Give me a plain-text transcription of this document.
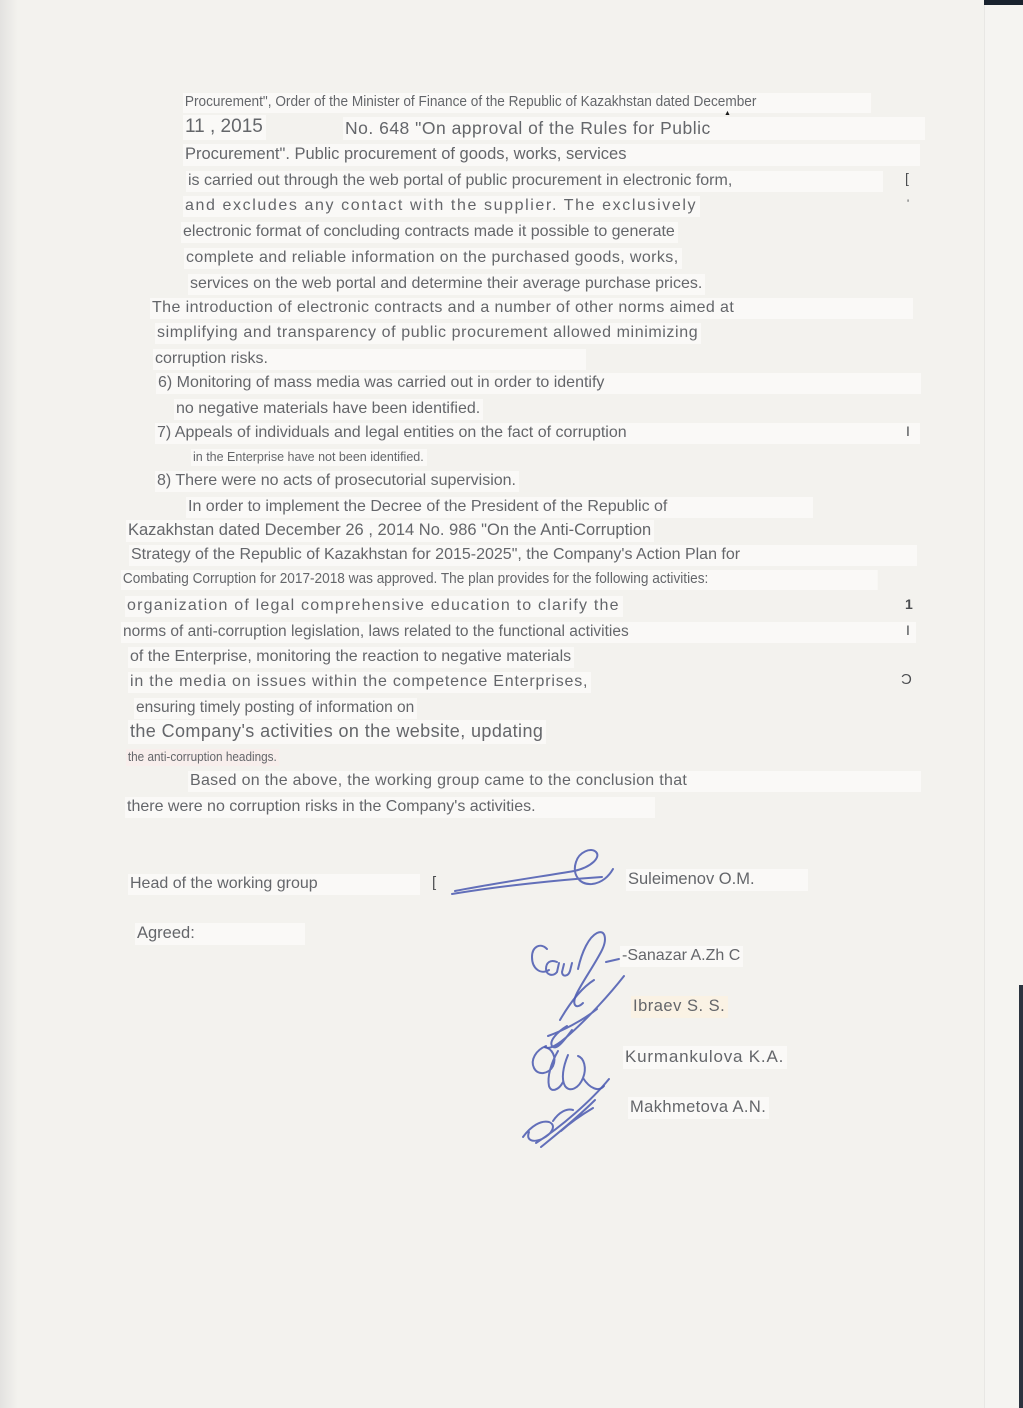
Procurement", Order of the Minister of Finance of the Republic of Kazakhstan dated December
11 , 2015	No. 648 "On approval of the Rules for Public
Procurement". Public procurement of goods, works, services
is carried out through the web portal of public procurement in electronic form,
and excludes any contact with the supplier. The exclusively
electronic format of concluding contracts made it possible to generate
complete and reliable information on the purchased goods, works,
services on the web portal and determine their average purchase prices.
The introduction of electronic contracts and a number of other norms aimed at
simplifying and transparency of public procurement allowed minimizing
corruption risks.
6) Monitoring of mass media was carried out in order to identify
no negative materials have been identified.
7) Appeals of individuals and legal entities on the fact of corruption
in the Enterprise have not been identified.
8) There were no acts of prosecutorial supervision.
In order to implement the Decree of the President of the Republic of
Kazakhstan dated December 26 , 2014 No. 986 "On the Anti-Corruption
Strategy of the Republic of Kazakhstan for 2015-2025", the Company's Action Plan for
Combating Corruption for 2017-2018 was approved. The plan provides for the following activities:
organization of legal comprehensive education to clarify the
norms of anti-corruption legislation, laws related to the functional activities
of the Enterprise, monitoring the reaction to negative materials
in the media on issues within the competence Enterprises,
ensuring timely posting of information on
the Company's activities on the website, updating
the anti-corruption headings.
Based on the above, the working group came to the conclusion that
there were no corruption risks in the Company's activities.
Head of the working group	Suleimenov O.M.
Agreed:
-Sanazar A.Zh Ϲ
Ibraev S. S.
Kurmankulova K.A.
Makhmetova A.N.
[
'
I
1
I
Ɔ
[
▲
